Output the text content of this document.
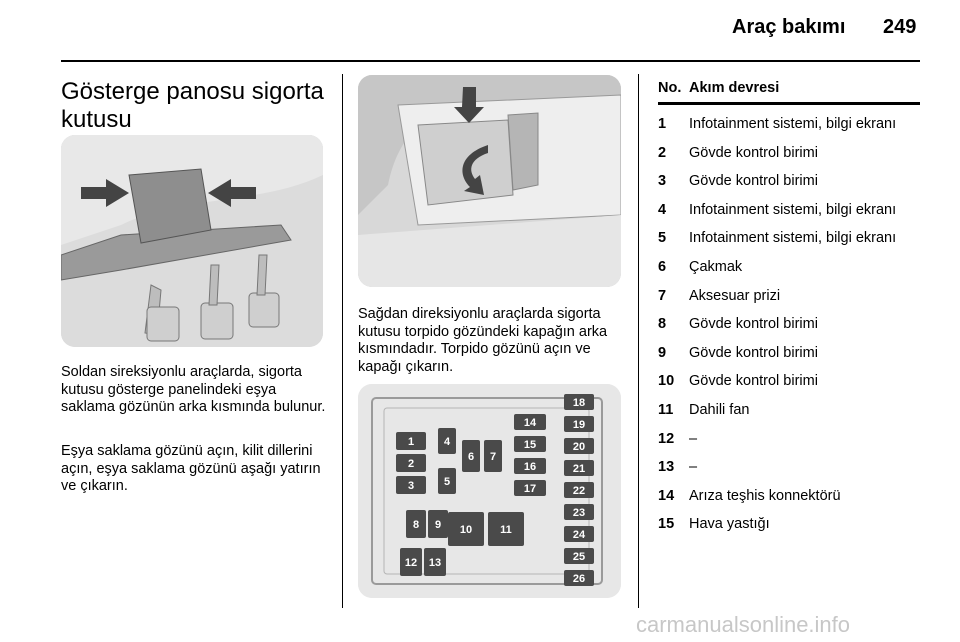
Araç bakımı 249
Gösterge panosu sigorta kutusu
Soldan sireksiyonlu araçlarda, sigorta kutusu gösterge panelindeki eşya saklama gözünün arka kısmında bulunur.
Eşya saklama gözünü açın, kilit dillerini açın, eşya saklama gözünü aşağı yatırın ve çıkarın.
Sağdan direksiyonlu araçlarda sigorta kutusu torpido gözündeki kapağın arka kısmındadır. Torpido gözünü açın ve kapağı çıkarın.
1
2
3
4
5
6 7
8 9 10	11
12 13
14
15
16
17
18
19
20
21
22
23
24
25
26
No. Akım devresi
1	Infotainment sistemi, bilgi ekranı
2	Gövde kontrol birimi
3	Gövde kontrol birimi
4	Infotainment sistemi, bilgi ekranı
5	Infotainment sistemi, bilgi ekranı
6	Çakmak
7	Aksesuar prizi
8	Gövde kontrol birimi
9	Gövde kontrol birimi
10	Gövde kontrol birimi
11	Dahili fan
12	–
13	–
14	Arıza teşhis konnektörü
15	Hava yastığı
carmanualsonline.info
